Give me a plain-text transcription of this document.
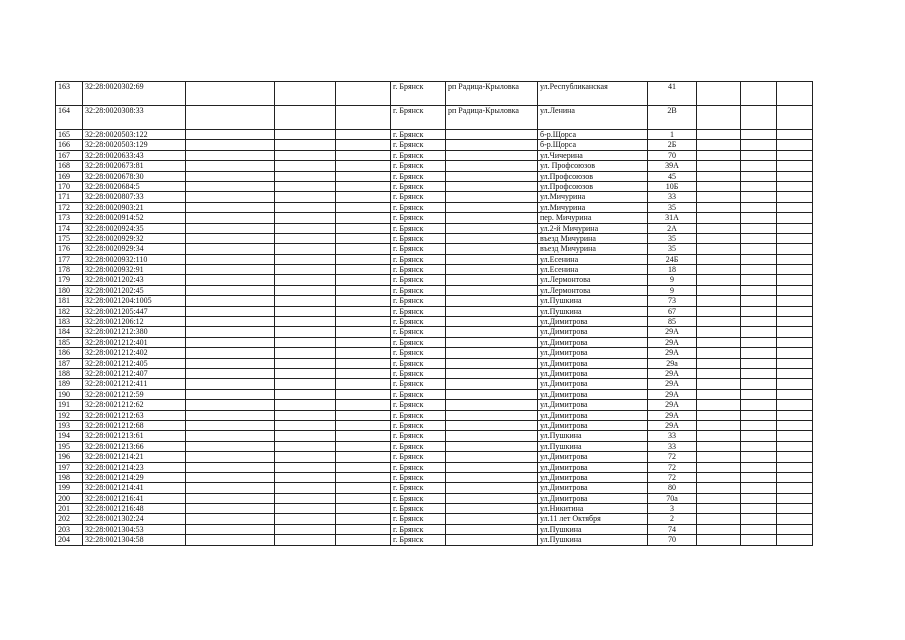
163	32:28:0020302:69				г. Брянск	рп Радица-Крыловка	ул.Республиканская	41			
164	32:28:0020308:33				г. Брянск	рп Радица-Крыловка	ул.Ленина	2В			
165	32:28:0020503:122				г. Брянск		б-р.Щорса	1			
166	32:28:0020503:129				г. Брянск		б-р.Щорса	2Б			
167	32:28:0020633:43				г. Брянск		ул.Чичерина	70			
168	32:28:0020673:81				г. Брянск		ул. Профсоюзов	39А			
169	32:28:0020678:30				г. Брянск		ул.Профсоюзов	45			
170	32:28:0020684:5				г. Брянск		ул.Профсоюзов	10Б			
171	32:28:0020807:33				г. Брянск		ул.Мичурина	33			
172	32:28:0020903:21				г. Брянск		ул.Мичурина	35			
173	32:28:0020914:52				г. Брянск		пер. Мичурина	31А			
174	32:28:0020924:35				г. Брянск		ул.2-й Мичурина	2А			
175	32:28:0020929:32				г. Брянск		въезд Мичурина	35			
176	32:28:0020929:34				г. Брянск		въезд Мичурина	35			
177	32:28:0020932:110				г. Брянск		ул.Есенина	24Б			
178	32:28:0020932:91				г. Брянск		ул.Есенина	18			
179	32:28:0021202:43				г. Брянск		ул.Лермонтова	9			
180	32:28:0021202:45				г. Брянск		ул.Лермонтова	9			
181	32:28:0021204:1005				г. Брянск		ул.Пушкина	73			
182	32:28:0021205:447				г. Брянск		ул.Пушкина	67			
183	32:28:0021206:12				г. Брянск		ул.Димитрова	85			
184	32:28:0021212:380				г. Брянск		ул.Димитрова	29А			
185	32:28:0021212:401				г. Брянск		ул.Димитрова	29А			
186	32:28:0021212:402				г. Брянск		ул.Димитрова	29А			
187	32:28:0021212:405				г. Брянск		ул.Димитрова	29а			
188	32:28:0021212:407				г. Брянск		ул.Димитрова	29А			
189	32:28:0021212:411				г. Брянск		ул.Димитрова	29А			
190	32:28:0021212:59				г. Брянск		ул.Димитрова	29А			
191	32:28:0021212:62				г. Брянск		ул.Димитрова	29А			
192	32:28:0021212:63				г. Брянск		ул.Димитрова	29А			
193	32:28:0021212:68				г. Брянск		ул.Димитрова	29А			
194	32:28:0021213:61				г. Брянск		ул.Пушкина	33			
195	32:28:0021213:66				г. Брянск		ул.Пушкина	33			
196	32:28:0021214:21				г. Брянск		ул.Димитрова	72			
197	32:28:0021214:23				г. Брянск		ул.Димитрова	72			
198	32:28:0021214:29				г. Брянск		ул.Димитрова	72			
199	32:28:0021214:41				г. Брянск		ул.Димитрова	80			
200	32:28:0021216:41				г. Брянск		ул.Димитрова	70а			
201	32:28:0021216:48				г. Брянск		ул.Никитина	3			
202	32:28:0021302:24				г. Брянск		ул.11 лет Октября	2			
203	32:28:0021304:53				г. Брянск		ул.Пушкина	74			
204	32:28:0021304:58				г. Брянск		ул.Пушкина	70			
